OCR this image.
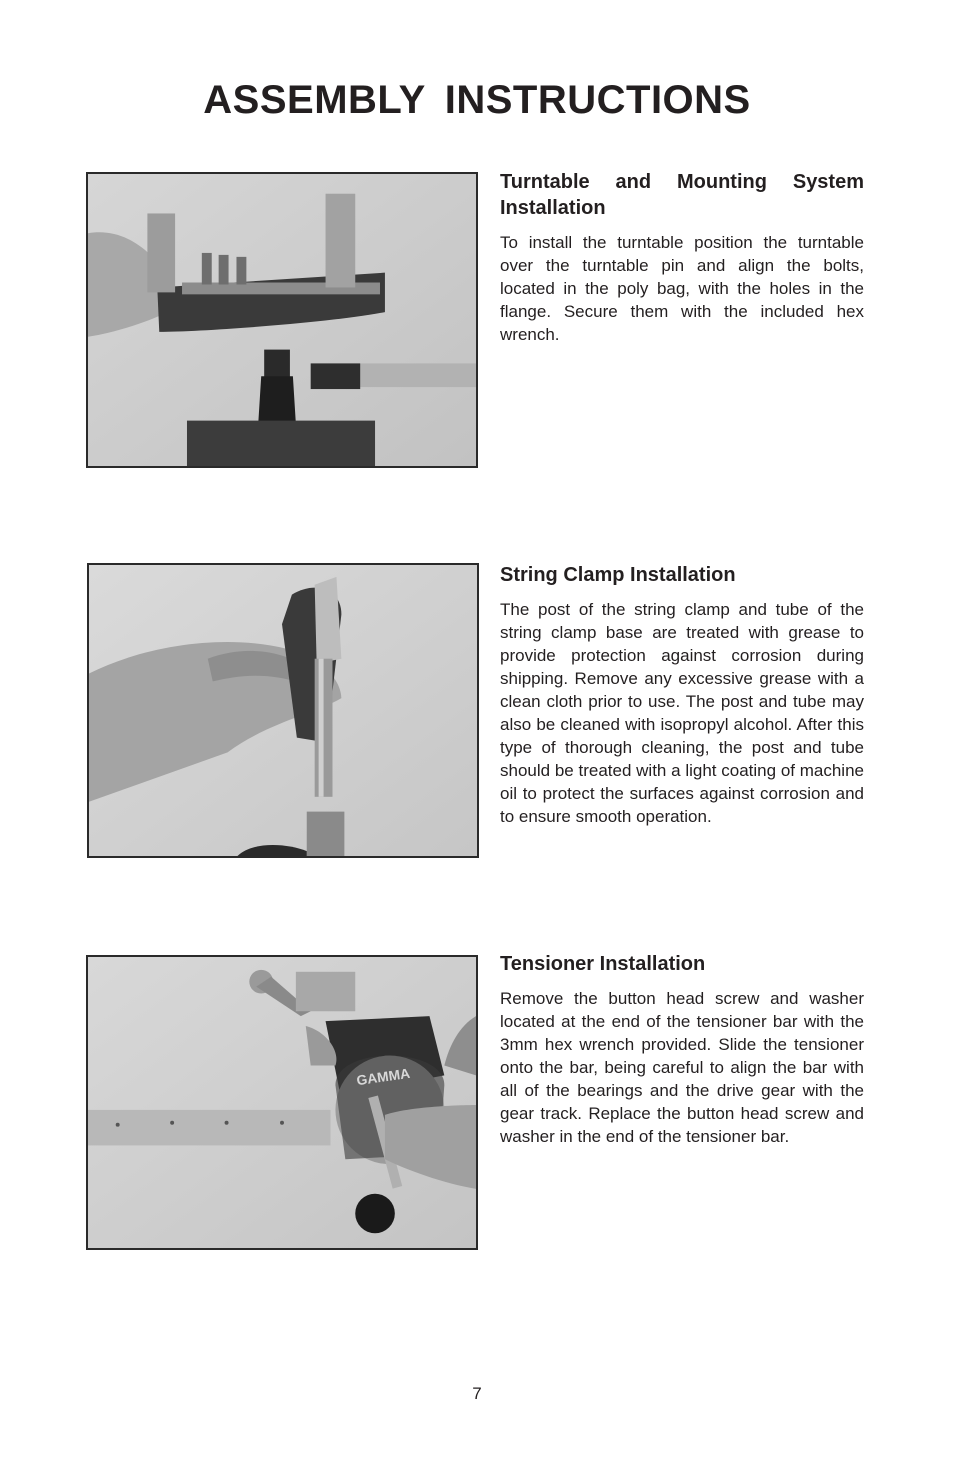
ASSEMBLY INSTRUCTIONS

Turntable and Mounting System Installation

To install the turntable position the turntable over the turntable pin and align the bolts, located in the poly bag, with the holes in the flange. Secure them with the included hex wrench.

String Clamp Installation

The post of the string clamp and tube of the string clamp base are treated with grease to provide protection against corrosion during shipping. Remove any excessive grease with a clean cloth prior to use. The post and tube may also be cleaned with isopropyl alcohol. After this type of thorough cleaning, the post and tube should be treated with a light coating of machine oil to protect the surfaces against corrosion and to ensure smooth operation.

GAMMA

Tensioner Installation

Remove the button head screw and washer located at the end of the tensioner bar with the 3mm hex wrench provided. Slide the tensioner onto the bar, being careful to align the bar with all of the bearings and the drive gear with the gear track. Replace the button head screw and washer in the end of the tensioner bar.

7
